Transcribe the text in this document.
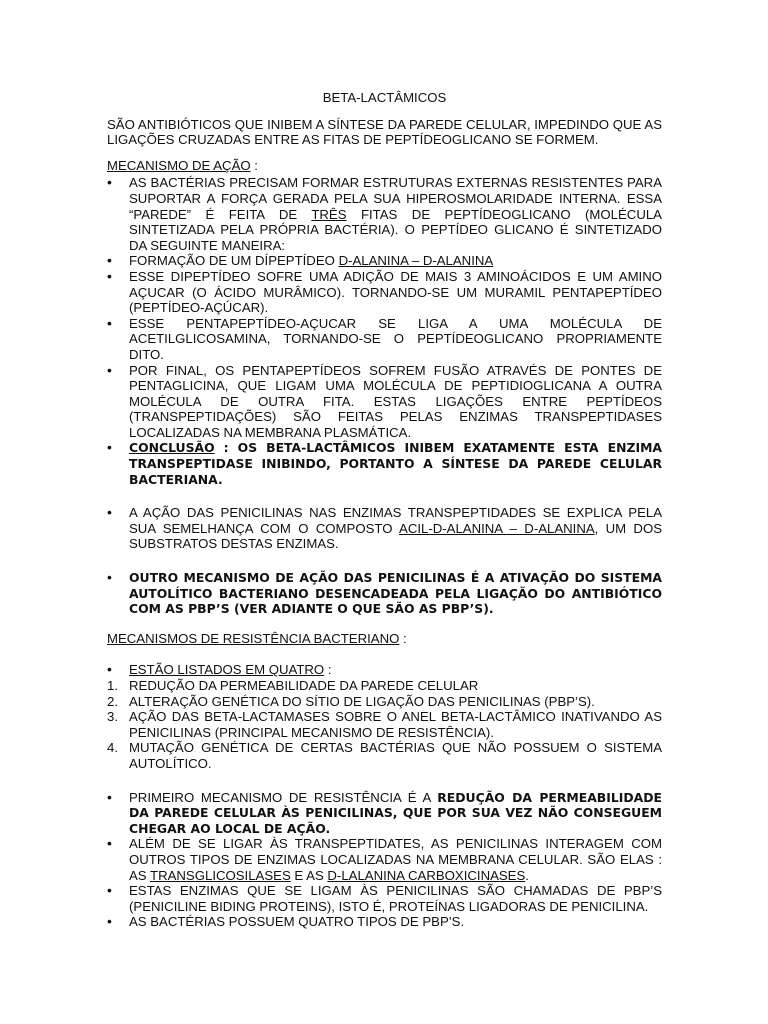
BETA-LACTÂMICOS
SÃO ANTIBIÓTICOS QUE INIBEM A SÍNTESE DA PAREDE CELULAR, IMPEDINDO QUE AS LIGAÇÕES CRUZADAS ENTRE AS FITAS DE PEPTÍDEOGLICANO SE FORMEM.
MECANISMO DE AÇÃO :
•	AS BACTÉRIAS PRECISAM FORMAR ESTRUTURAS EXTERNAS RESISTENTES PARA SUPORTAR A FORÇA GERADA PELA SUA HIPEROSMOLARIDADE INTERNA. ESSA “PAREDE” É FEITA DE TRÊS FITAS DE PEPTÍDEOGLICANO (MOLÉCULA SINTETIZADA PELA PRÓPRIA BACTÉRIA). O PEPTÍDEO GLICANO É SINTETIZADO DA SEGUINTE MANEIRA:
•	FORMAÇÃO DE UM DÍPEPTÍDEO D-ALANINA – D-ALANINA
•	ESSE DIPEPTÍDEO SOFRE UMA ADIÇÃO DE MAIS 3 AMINOÁCIDOS E UM AMINO AÇUCAR (O ÁCIDO MURÂMICO). TORNANDO-SE UM MURAMIL PENTAPEPTÍDEO (PEPTÍDEO-AÇÚCAR).
•	ESSE PENTAPEPTÍDEO-AÇUCAR SE LIGA A UMA MOLÉCULA DE ACETILGLICOSAMINA, TORNANDO-SE O PEPTÍDEOGLICANO PROPRIAMENTE DITO.
•	POR FINAL, OS PENTAPEPTÍDEOS SOFREM FUSÃO ATRAVÉS DE PONTES DE PENTAGLICINA, QUE LIGAM UMA MOLÉCULA DE PEPTIDIOGLICANA A OUTRA MOLÉCULA DE OUTRA FITA. ESTAS LIGAÇÕES ENTRE PEPTÍDEOS (TRANSPEPTIDAÇÕES) SÃO FEITAS PELAS ENZIMAS TRANSPEPTIDASES LOCALIZADAS NA MEMBRANA PLASMÁTICA.
•	CONCLUSÃO : OS BETA-LACTÂMICOS INIBEM EXATAMENTE ESTA ENZIMA TRANSPEPTIDASE INIBINDO, PORTANTO A SÍNTESE DA PAREDE CELULAR BACTERIANA.
•	A AÇÃO DAS PENICILINAS NAS ENZIMAS TRANSPEPTIDADES SE EXPLICA PELA SUA SEMELHANÇA COM O COMPOSTO ACIL-D-ALANINA – D-ALANINA, UM DOS SUBSTRATOS DESTAS ENZIMAS.
•	OUTRO MECANISMO DE AÇÃO DAS PENICILINAS É A ATIVAÇÃO DO SISTEMA AUTOLÍTICO BACTERIANO DESENCADEADA PELA LIGAÇÃO DO ANTIBIÓTICO COM AS PBP’S (VER ADIANTE O QUE SÃO AS PBP’S).
MECANISMOS DE RESISTÊNCIA BACTERIANO :
•	ESTÃO LISTADOS EM QUATRO :
1. REDUÇÃO DA PERMEABILIDADE DA PAREDE CELULAR
2. ALTERAÇÃO GENÉTICA DO SÍTIO DE LIGAÇÃO DAS PENICILINAS (PBP’S).
3. AÇÃO DAS BETA-LACTAMASES SOBRE O ANEL BETA-LACTÂMICO INATIVANDO AS PENICILINAS (PRINCIPAL MECANISMO DE RESISTÊNCIA).
4. MUTAÇÃO GENÉTICA DE CERTAS BACTÉRIAS QUE NÃO POSSUEM O SISTEMA AUTOLÍTICO.
•	PRIMEIRO MECANISMO DE RESISTÊNCIA É A REDUÇÃO DA PERMEABILIDADE DA PAREDE CELULAR ÀS PENICILINAS, QUE POR SUA VEZ NÃO CONSEGUEM CHEGAR AO LOCAL DE AÇÃO.
•	ALÉM DE SE LIGAR ÀS TRANSPEPTIDATES, AS PENICILINAS INTERAGEM COM OUTROS TIPOS DE ENZIMAS LOCALIZADAS NA MEMBRANA CELULAR. SÃO ELAS : AS TRANSGLICOSILASES E AS D-LALANINA CARBOXICINASES.
•	ESTAS ENZIMAS QUE SE LIGAM ÀS PENICILINAS SÃO CHAMADAS DE PBP’S (PENICILINE BIDING PROTEINS), ISTO É, PROTEÍNAS LIGADORAS DE PENICILINA.
•	AS BACTÉRIAS POSSUEM QUATRO TIPOS DE PBP’S.
